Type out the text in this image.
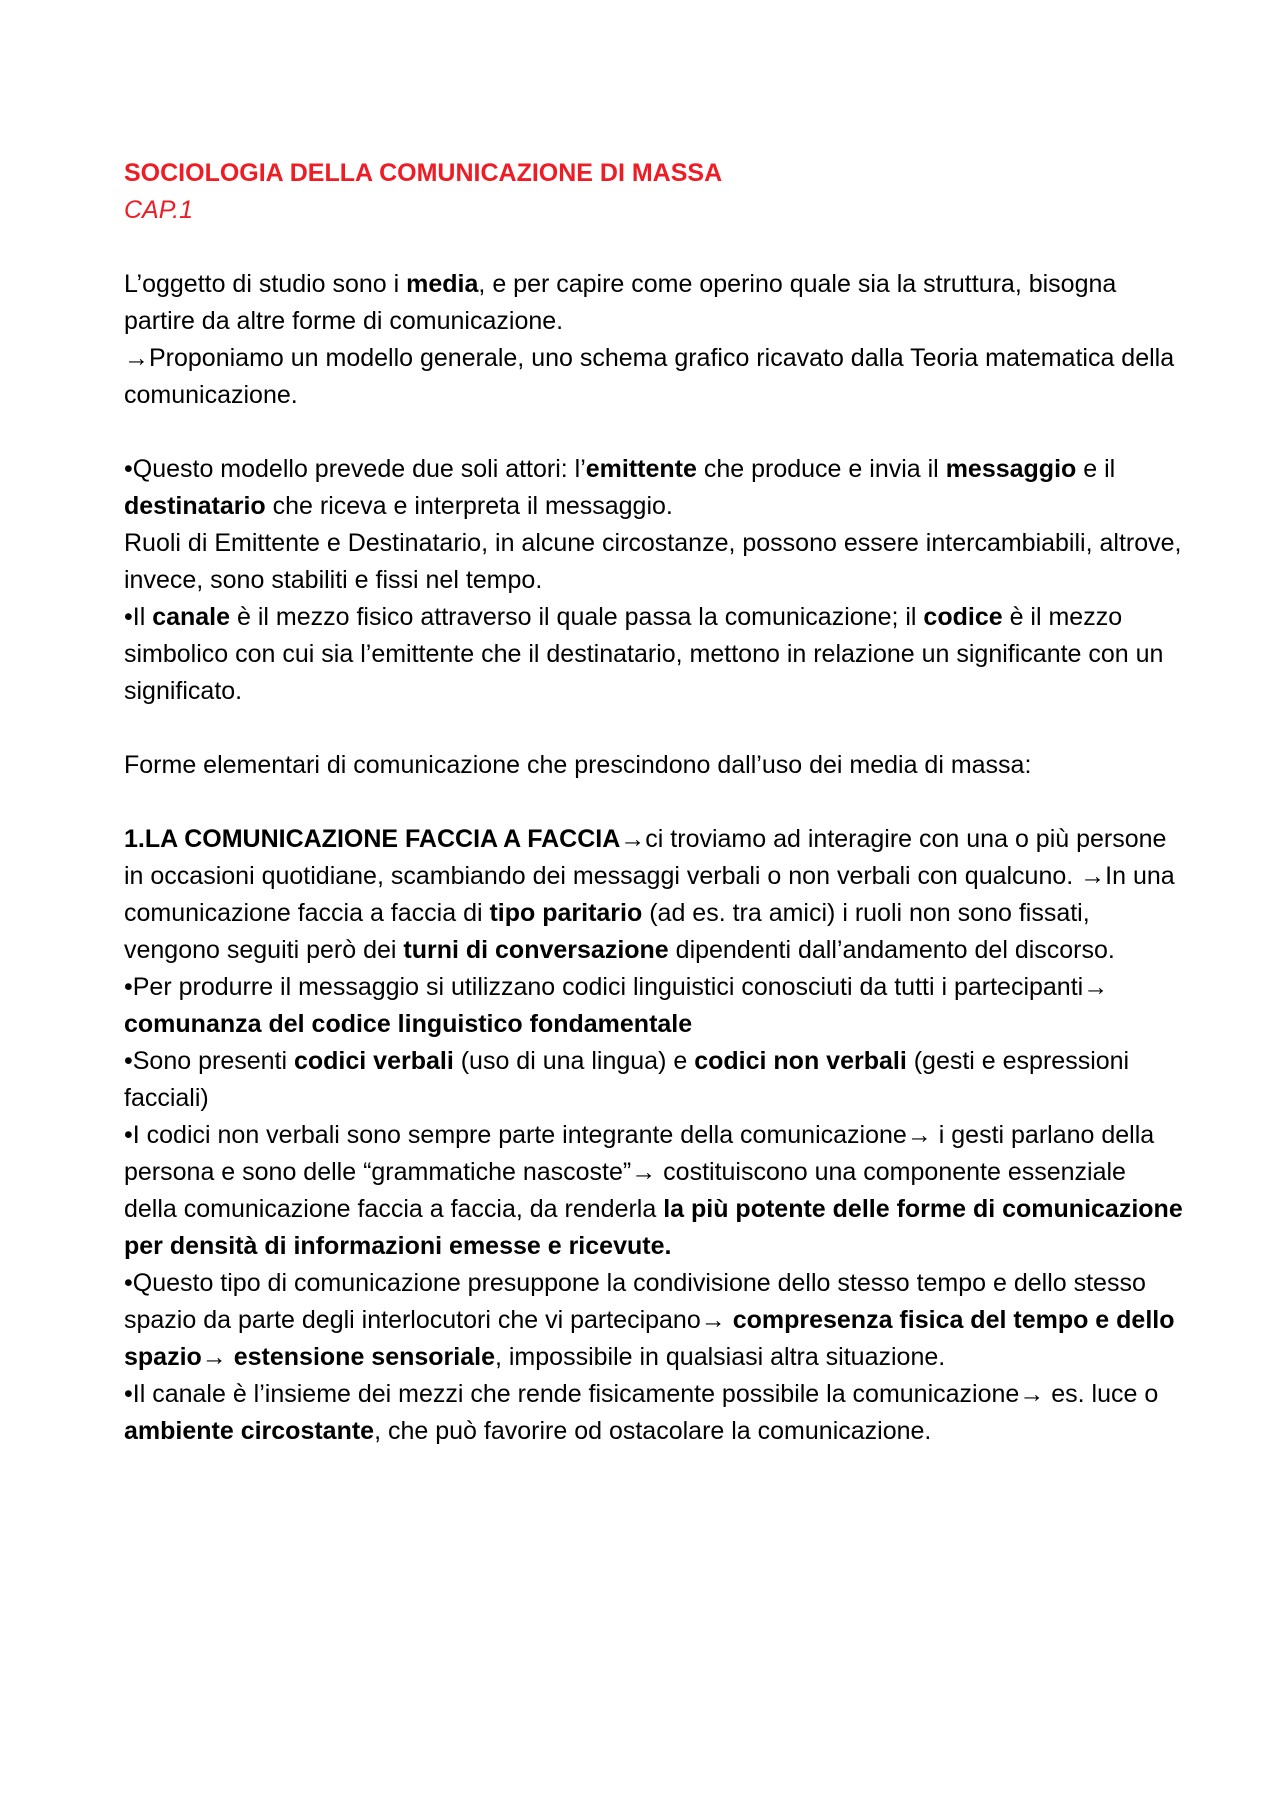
SOCIOLOGIA DELLA COMUNICAZIONE DI MASSA

CAP.1

L’oggetto di studio sono i media, e per capire come operino quale sia la struttura, bisogna partire da altre forme di comunicazione.

→Proponiamo un modello generale, uno schema grafico ricavato dalla Teoria matematica della comunicazione.

•Questo modello prevede due soli attori: l’emittente che produce e invia il messaggio e il destinatario che riceva e interpreta il messaggio.

Ruoli di Emittente e Destinatario, in alcune circostanze, possono essere intercambiabili, altrove, invece, sono stabiliti e fissi nel tempo.

•Il canale è il mezzo fisico attraverso il quale passa la comunicazione; il codice è il mezzo simbolico con cui sia l’emittente che il destinatario, mettono in relazione un significante con un significato.

Forme elementari di comunicazione che prescindono dall’uso dei media di massa:

1.LA COMUNICAZIONE FACCIA A FACCIA→ci troviamo ad interagire con una o più persone in occasioni quotidiane, scambiando dei messaggi verbali o non verbali con qualcuno. →In una comunicazione faccia a faccia di tipo paritario (ad es. tra amici) i ruoli non sono fissati, vengono seguiti però dei turni di conversazione dipendenti dall’andamento del discorso.

•Per produrre il messaggio si utilizzano codici linguistici conosciuti da tutti i partecipanti→ comunanza del codice linguistico fondamentale

•Sono presenti codici verbali (uso di una lingua) e codici non verbali (gesti e espressioni facciali)

•I codici non verbali sono sempre parte integrante della comunicazione→ i gesti parlano della persona e sono delle “grammatiche nascoste”→ costituiscono una componente essenziale della comunicazione faccia a faccia, da renderla la più potente delle forme di comunicazione per densità di informazioni emesse e ricevute.

•Questo tipo di comunicazione presuppone la condivisione dello stesso tempo e dello stesso spazio da parte degli interlocutori che vi partecipano→ compresenza fisica del tempo e dello spazio→ estensione sensoriale, impossibile in qualsiasi altra situazione.

•Il canale è l’insieme dei mezzi che rende fisicamente possibile la comunicazione→ es. luce o ambiente circostante, che può favorire od ostacolare la comunicazione.
